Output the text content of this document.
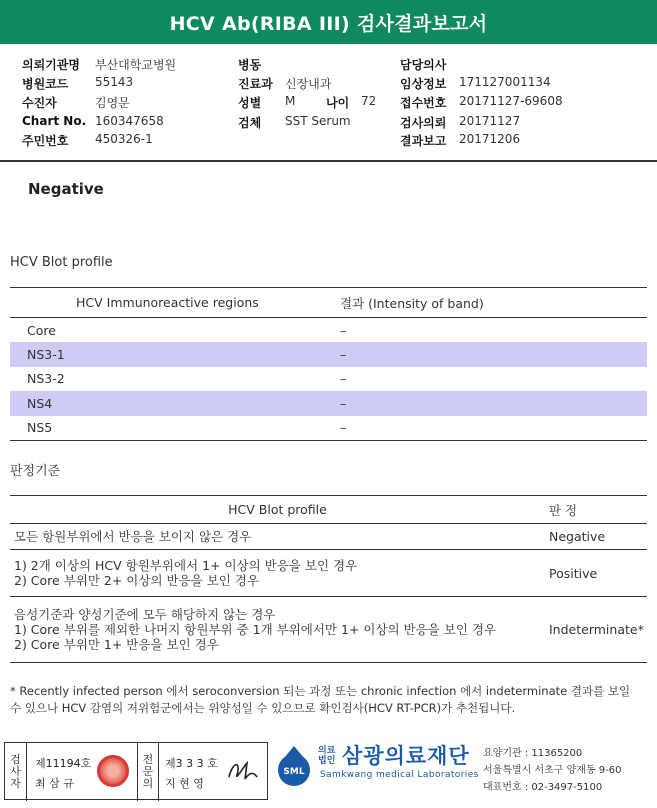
HCV Ab(RIBA III) 검사결과보고서
의뢰기관명 부산대학교병원
병원코드 55143
수진자	김영문
Chart No. 160347658
주민번호 450326-1
병동
진료과 신장내과
성별 M	나이 72
검체 SST Serum
담당의사
임상정보 171127001134
접수번호 20171127-69608
검사의뢰 20171127
결과보고 20171206
Negative
HCV Blot profile
HCV Immunoreactive regions	결과 (Intensity of band)
Core	–
NS3-1	–
NS3-2	–
NS4	–
NS5	–
판정기준
HCV Blot profile	판 정

모든 항원부위에서 반응을 보이지 않은 경우	Negative

1) 2개 이상의 HCV 항원부위에서 1+ 이상의 반응을 보인 경우
2) Core 부위만 2+ 이상의 반응을 보인 경우	Positive

음성기준과 양성기준에 모두 해당하지 않는 경우
1) Core 부위를 제외한 나머지 항원부위 중 1개 부위에서만 1+ 이상의 반응을 보인 경우
2) Core 부위만 1+ 반응을 보인 경우	Indeterminate*
* Recently infected person 에서 seroconversion 되는 과정 또는 chronic infection 에서 indeterminate 결과를 보일
수 있으나 HCV 감염의 저위험군에서는 위양성일 수 있으므로 확인검사(HCV RT-PCR)가 추천됩니다.
검
사
자
제11194호
최 삼 규
전
문
의
제3 3 3 호
지 현 영
SML
의료
법인 삼광의료재단
Samkwang medical Laboratories
요양기관 : 11365200
서울특별시 서초구 양재동 9-60
대표번호 : 02-3497-5100
